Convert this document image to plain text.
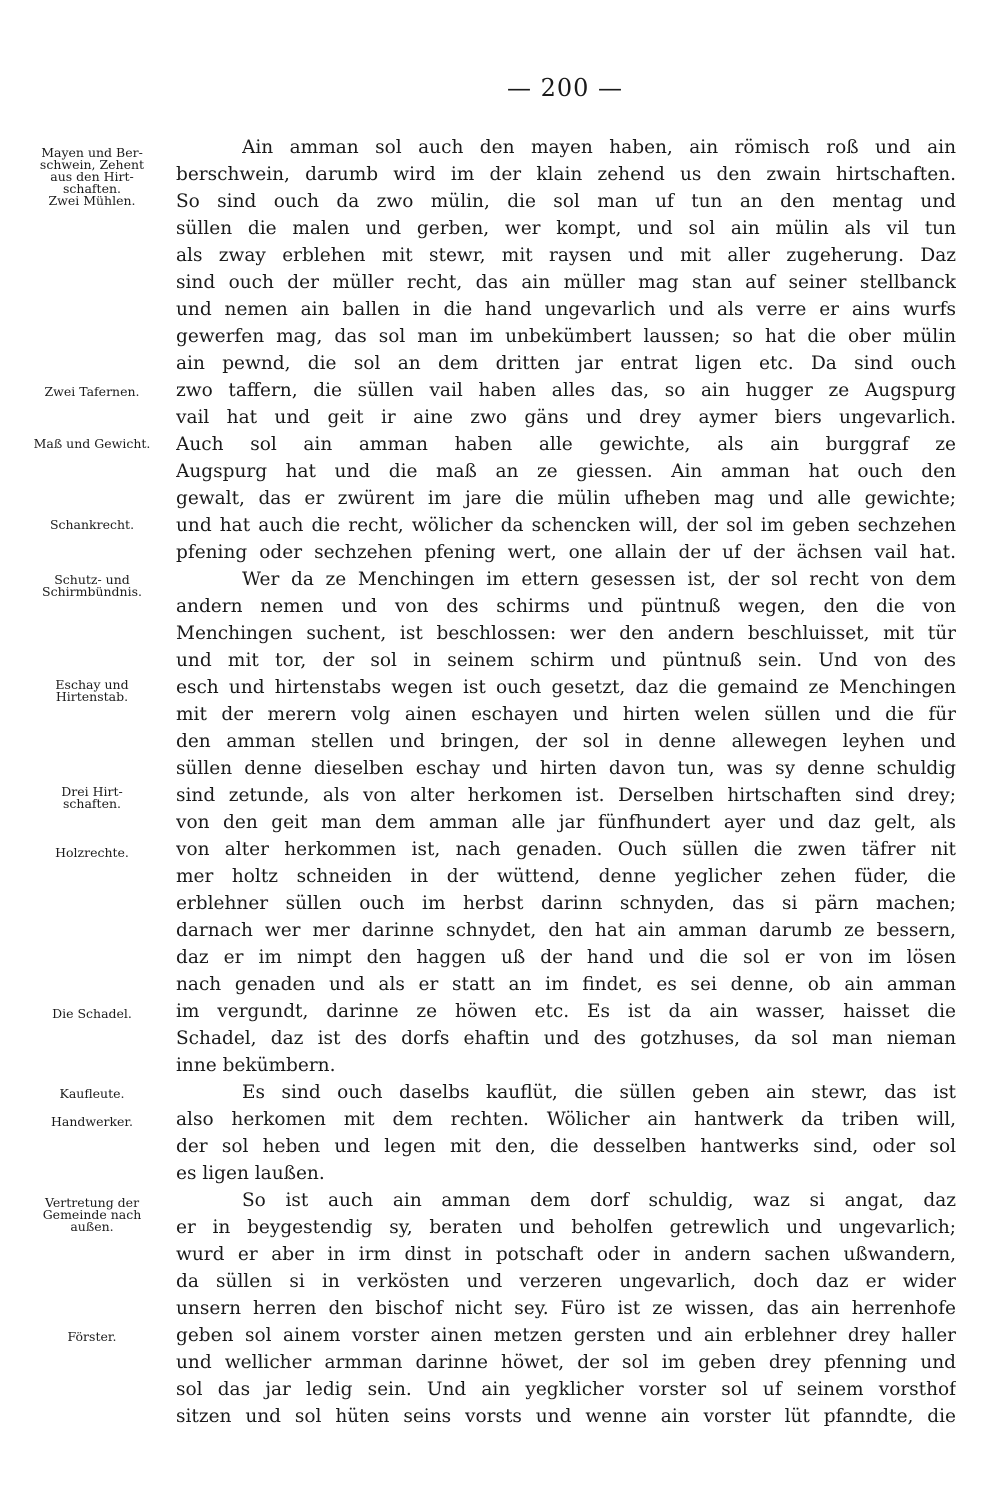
— 200 —
Mayen und Ber-
schwein, Zehent
aus den Hirt-
schaften.
Zwei Mühlen.
Zwei Tafernen.
Maß und Gewicht.
Schankrecht.
Schutz- und
Schirmbündnis.
Eschay und
Hirtenstab.
Drei Hirt-
schaften.
Holzrechte.
Die Schadel.
Kaufleute.
Handwerker.
Vertretung der
Gemeinde nach
außen.
Förster.
Ain amman sol auch den mayen haben, ain römisch roß und ain
berschwein, darumb wird im der klain zehend us den zwain hirtschaften.
So sind ouch da zwo mülin, die sol man uf tun an den mentag und
süllen die malen und gerben, wer kompt, und sol ain mülin als vil tun
als zway erblehen mit stewr, mit raysen und mit aller zugeherung. Daz
sind ouch der müller recht, das ain müller mag stan auf seiner stellbanck
und nemen ain ballen in die hand ungevarlich und als verre er ains wurfs
gewerfen mag, das sol man im unbekümbert laussen; so hat die ober mülin
ain pewnd, die sol an dem dritten jar entrat ligen etc. Da sind ouch
zwo taffern, die süllen vail haben alles das, so ain hugger ze Augspurg
vail hat und geit ir aine zwo gäns und drey aymer biers ungevarlich.
Auch sol ain amman haben alle gewichte, als ain burggraf ze
Augspurg hat und die maß an ze giessen. Ain amman hat ouch den
gewalt, das er zwürent im jare die mülin ufheben mag und alle gewichte;
und hat auch die recht, wölicher da schencken will, der sol im geben sechzehen
pfening oder sechzehen pfening wert, one allain der uf der ächsen vail hat.
Wer da ze Menchingen im ettern gesessen ist, der sol recht von dem
andern nemen und von des schirms und püntnuß wegen, den die von
Menchingen suchent, ist beschlossen: wer den andern beschluisset, mit tür
und mit tor, der sol in seinem schirm und püntnuß sein. Und von des
esch und hirtenstabs wegen ist ouch gesetzt, daz die gemaind ze Menchingen
mit der merern volg ainen eschayen und hirten welen süllen und die für
den amman stellen und bringen, der sol in denne allewegen leyhen und
süllen denne dieselben eschay und hirten davon tun, was sy denne schuldig
sind zetunde, als von alter herkomen ist. Derselben hirtschaften sind drey;
von den geit man dem amman alle jar fünfhundert ayer und daz gelt, als
von alter herkommen ist, nach genaden. Ouch süllen die zwen täfrer nit
mer holtz schneiden in der wüttend, denne yeglicher zehen füder, die
erblehner süllen ouch im herbst darinn schnyden, das si pärn machen;
darnach wer mer darinne schnydet, den hat ain amman darumb ze bessern,
daz er im nimpt den haggen uß der hand und die sol er von im lösen
nach genaden und als er statt an im findet, es sei denne, ob ain amman
im vergundt, darinne ze höwen etc. Es ist da ain wasser, haisset die
Schadel, daz ist des dorfs ehaftin und des gotzhuses, da sol man nieman
inne bekümbern.
Es sind ouch daselbs kauflüt, die süllen geben ain stewr, das ist
also herkomen mit dem rechten. Wölicher ain hantwerk da triben will,
der sol heben und legen mit den, die desselben hantwerks sind, oder sol
es ligen laußen.
So ist auch ain amman dem dorf schuldig, waz si angat, daz
er in beygestendig sy, beraten und beholfen getrewlich und ungevarlich;
wurd er aber in irm dinst in potschaft oder in andern sachen ußwandern,
da süllen si in verkösten und verzeren ungevarlich, doch daz er wider
unsern herren den bischof nicht sey. Füro ist ze wissen, das ain herrenhofe
geben sol ainem vorster ainen metzen gersten und ain erblehner drey haller
und wellicher armman darinne höwet, der sol im geben drey pfenning und
sol das jar ledig sein. Und ain yegklicher vorster sol uf seinem vorsthof
sitzen und sol hüten seins vorsts und wenne ain vorster lüt pfanndte, die
